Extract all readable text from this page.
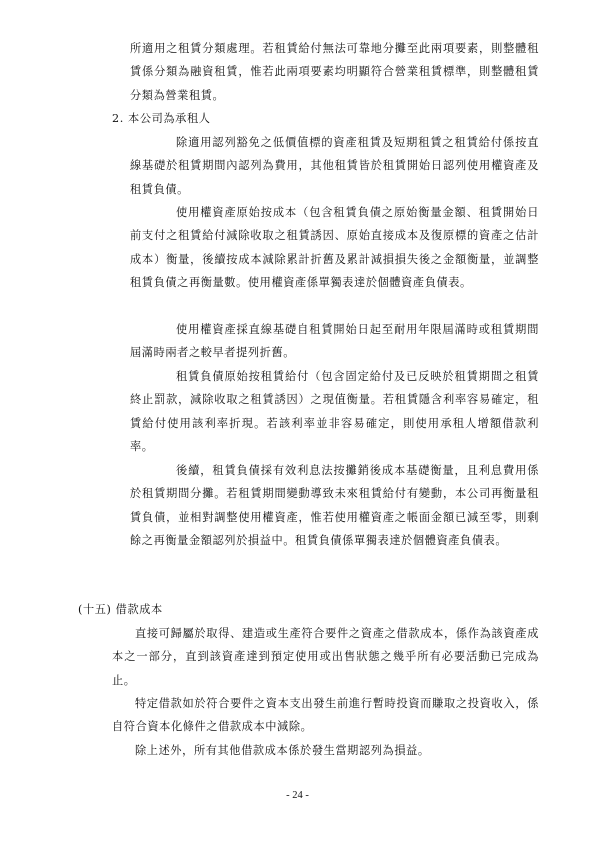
所適用之租賃分類處理。若租賃給付無法可靠地分攤至此兩項要素，則整體租賃係分類為融資租賃，惟若此兩項要素均明顯符合營業租賃標準，則整體租賃分類為營業租賃。

2. 本公司為承租人

除適用認列豁免之低價值標的資產租賃及短期租賃之租賃給付係按直線基礎於租賃期間內認列為費用，其他租賃皆於租賃開始日認列使用權資產及租賃負債。

使用權資產原始按成本（包含租賃負債之原始衡量金額、租賃開始日前支付之租賃給付減除收取之租賃誘因、原始直接成本及復原標的資產之估計成本）衡量，後續按成本減除累計折舊及累計減損損失後之金額衡量，並調整租賃負債之再衡量數。使用權資產係單獨表達於個體資產負債表。

使用權資產採直線基礎自租賃開始日起至耐用年限屆滿時或租賃期間屆滿時兩者之較早者提列折舊。

租賃負債原始按租賃給付（包含固定給付及已反映於租賃期間之租賃終止罰款，減除收取之租賃誘因）之現值衡量。若租賃隱含利率容易確定，租賃給付使用該利率折現。若該利率並非容易確定，則使用承租人增額借款利率。

後續，租賃負債採有效利息法按攤銷後成本基礎衡量，且利息費用係於租賃期間分攤。若租賃期間變動導致未來租賃給付有變動，本公司再衡量租賃負債，並相對調整使用權資產，惟若使用權資產之帳面金額已減至零，則剩餘之再衡量金額認列於損益中。租賃負債係單獨表達於個體資產負債表。

(十五) 借款成本

直接可歸屬於取得、建造或生產符合要件之資產之借款成本，係作為該資產成本之一部分，直到該資產達到預定使用或出售狀態之幾乎所有必要活動已完成為止。

特定借款如於符合要件之資本支出發生前進行暫時投資而賺取之投資收入，係自符合資本化條件之借款成本中減除。

除上述外，所有其他借款成本係於發生當期認列為損益。

- 24 -
